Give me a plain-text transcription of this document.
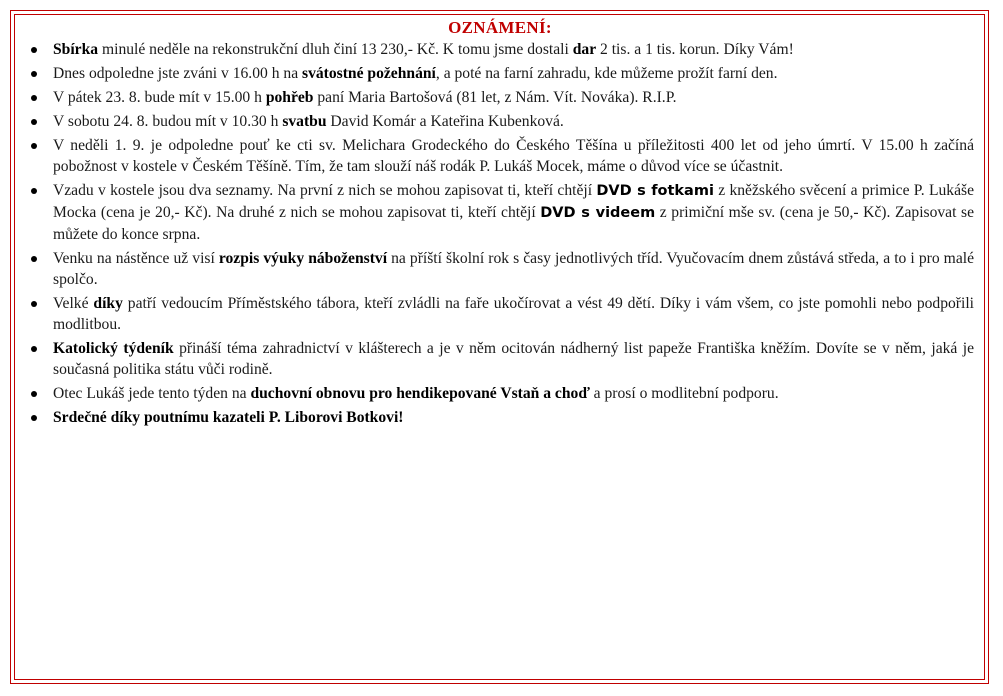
OZNÁMENÍ:
Sbírka minulé neděle na rekonstrukční dluh činí 13 230,- Kč. K tomu jsme dostali dar 2 tis. a 1 tis. korun. Díky Vám!
Dnes odpoledne jste zváni v 16.00 h na svátostné požehnání, a poté na farní zahradu, kde můžeme prožít farní den.
V pátek 23. 8. bude mít v 15.00 h pohřeb paní Maria Bartošová (81 let, z Nám. Vít. Nováka). R.I.P.
V sobotu 24. 8. budou mít v 10.30 h svatbu David Komár a Kateřina Kubenková.
V neděli 1. 9. je odpoledne pouť ke cti sv. Melichara Grodeckého do Českého Těšína u příležitosti 400 let od jeho úmrtí. V 15.00 h začíná pobožnost v kostele v Českém Těšíně. Tím, že tam slouží náš rodák P. Lukáš Mocek, máme o důvod více se účastnit.
Vzadu v kostele jsou dva seznamy. Na první z nich se mohou zapisovat ti, kteří chtějí DVD s fotkami z kněžského svěcení a primice P. Lukáše Mocka (cena je 20,- Kč). Na druhé z nich se mohou zapisovat ti, kteří chtějí DVD s videem z primiční mše sv. (cena je 50,- Kč). Zapisovat se můžete do konce srpna.
Venku na nástěnce už visí rozpis výuky náboženství na příští školní rok s časy jednotlivých tříd. Vyučovacím dnem zůstává středa, a to i pro malé spolčo.
Velké díky patří vedoucím Příměstského tábora, kteří zvládli na faře ukočírovat a vést 49 dětí. Díky i vám všem, co jste pomohli nebo podpořili modlitbou.
Katolický týdeník přináší téma zahradnictví v klášterech a je v něm ocitován nádherný list papeže Františka kněžím. Dovíte se v něm, jaká je současná politika státu vůči rodině.
Otec Lukáš jede tento týden na duchovní obnovu pro hendikepované Vstaň a choď a prosí o modlitební podporu.
Srdečné díky poutnímu kazateli P. Liborovi Botkovi!
